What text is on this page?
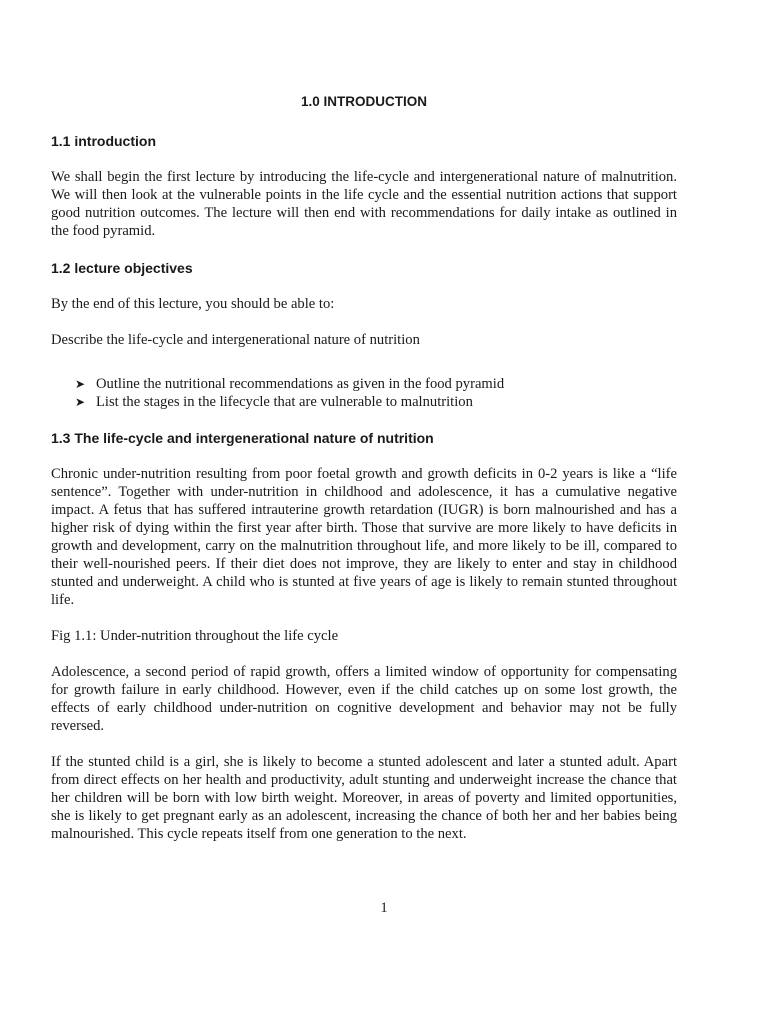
1.0 INTRODUCTION
1.1 introduction

We shall begin the first lecture by introducing the life-cycle and intergenerational nature of malnutrition. We will then look at the vulnerable points in the life cycle and the essential nutrition actions that support good nutrition outcomes. The lecture will then end with recommendations for daily intake as outlined in the food pyramid.

1.2 lecture objectives

By the end of this lecture, you should be able to:

Describe the life-cycle and intergenerational nature of nutrition

➤ Outline the nutritional recommendations as given in the food pyramid
➤ List the stages in the lifecycle that are vulnerable to malnutrition
1.3 The life-cycle and intergenerational nature of nutrition

Chronic under-nutrition resulting from poor foetal growth and growth deficits in 0-2 years is like a “life sentence”. Together with under-nutrition in childhood and adolescence, it has a cumulative negative impact. A fetus that has suffered intrauterine growth retardation (IUGR) is born malnourished and has a higher risk of dying within the first year after birth. Those that survive are more likely to have deficits in growth and development, carry on the malnutrition throughout life, and more likely to be ill, compared to their well-nourished peers. If their diet does not improve, they are likely to enter and stay in childhood stunted and underweight. A child who is stunted at five years of age is likely to remain stunted throughout life.

Fig 1.1: Under-nutrition throughout the life cycle

Adolescence, a second period of rapid growth, offers a limited window of opportunity for compensating for growth failure in early childhood. However, even if the child catches up on some lost growth, the effects of early childhood under-nutrition on cognitive development and behavior may not be fully reversed.

If the stunted child is a girl, she is likely to become a stunted adolescent and later a stunted adult. Apart from direct effects on her health and productivity, adult stunting and underweight increase the chance that her children will be born with low birth weight. Moreover, in areas of poverty and limited opportunities, she is likely to get pregnant early as an adolescent, increasing the chance of both her and her babies being malnourished. This cycle repeats itself from one generation to the next.

1
